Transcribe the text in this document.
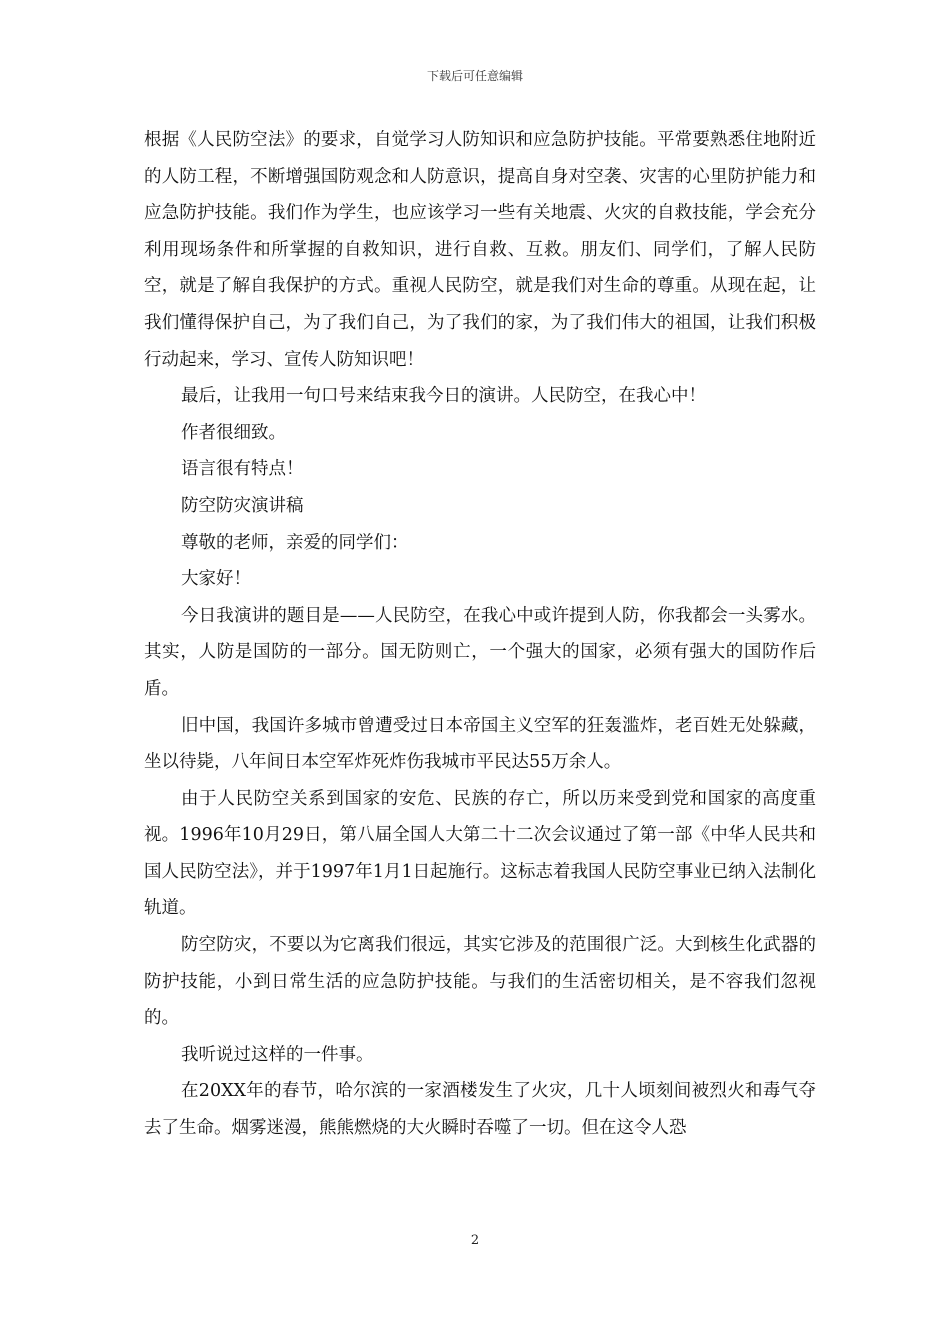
下载后可任意编辑

根据《人民防空法》的要求，自觉学习人防知识和应急防护技能。平常要熟悉住地附近的人防工程，不断增强国防观念和人防意识，提高自身对空袭、灾害的心里防护能力和应急防护技能。我们作为学生，也应该学习一些有关地震、火灾的自救技能，学会充分利用现场条件和所掌握的自救知识，进行自救、互救。朋友们、同学们，了解人民防空，就是了解自我保护的方式。重视人民防空，就是我们对生命的尊重。从现在起，让我们懂得保护自己，为了我们自己，为了我们的家，为了我们伟大的祖国，让我们积极行动起来，学习、宣传人防知识吧！

最后，让我用一句口号来结束我今日的演讲。人民防空，在我心中！

作者很细致。

语言很有特点！

防空防灾演讲稿

尊敬的老师，亲爱的同学们：

大家好！

今日我演讲的题目是——人民防空，在我心中或许提到人防，你我都会一头雾水。其实，人防是国防的一部分。国无防则亡，一个强大的国家，必须有强大的国防作后盾。

旧中国，我国许多城市曾遭受过日本帝国主义空军的狂轰滥炸，老百姓无处躲藏，坐以待毙，八年间日本空军炸死炸伤我城市平民达55万余人。

由于人民防空关系到国家的安危、民族的存亡，所以历来受到党和国家的高度重视。1996年10月29日，第八届全国人大第二十二次会议通过了第一部《中华人民共和国人民防空法》，并于1997年1月1日起施行。这标志着我国人民防空事业已纳入法制化轨道。

防空防灾，不要以为它离我们很远，其实它涉及的范围很广泛。大到核生化武器的防护技能，小到日常生活的应急防护技能。与我们的生活密切相关，是不容我们忽视的。

我听说过这样的一件事。

在20XX年的春节，哈尔滨的一家酒楼发生了火灾，几十人顷刻间被烈火和毒气夺去了生命。烟雾迷漫，熊熊燃烧的大火瞬时吞噬了一切。但在这令人恐

2
